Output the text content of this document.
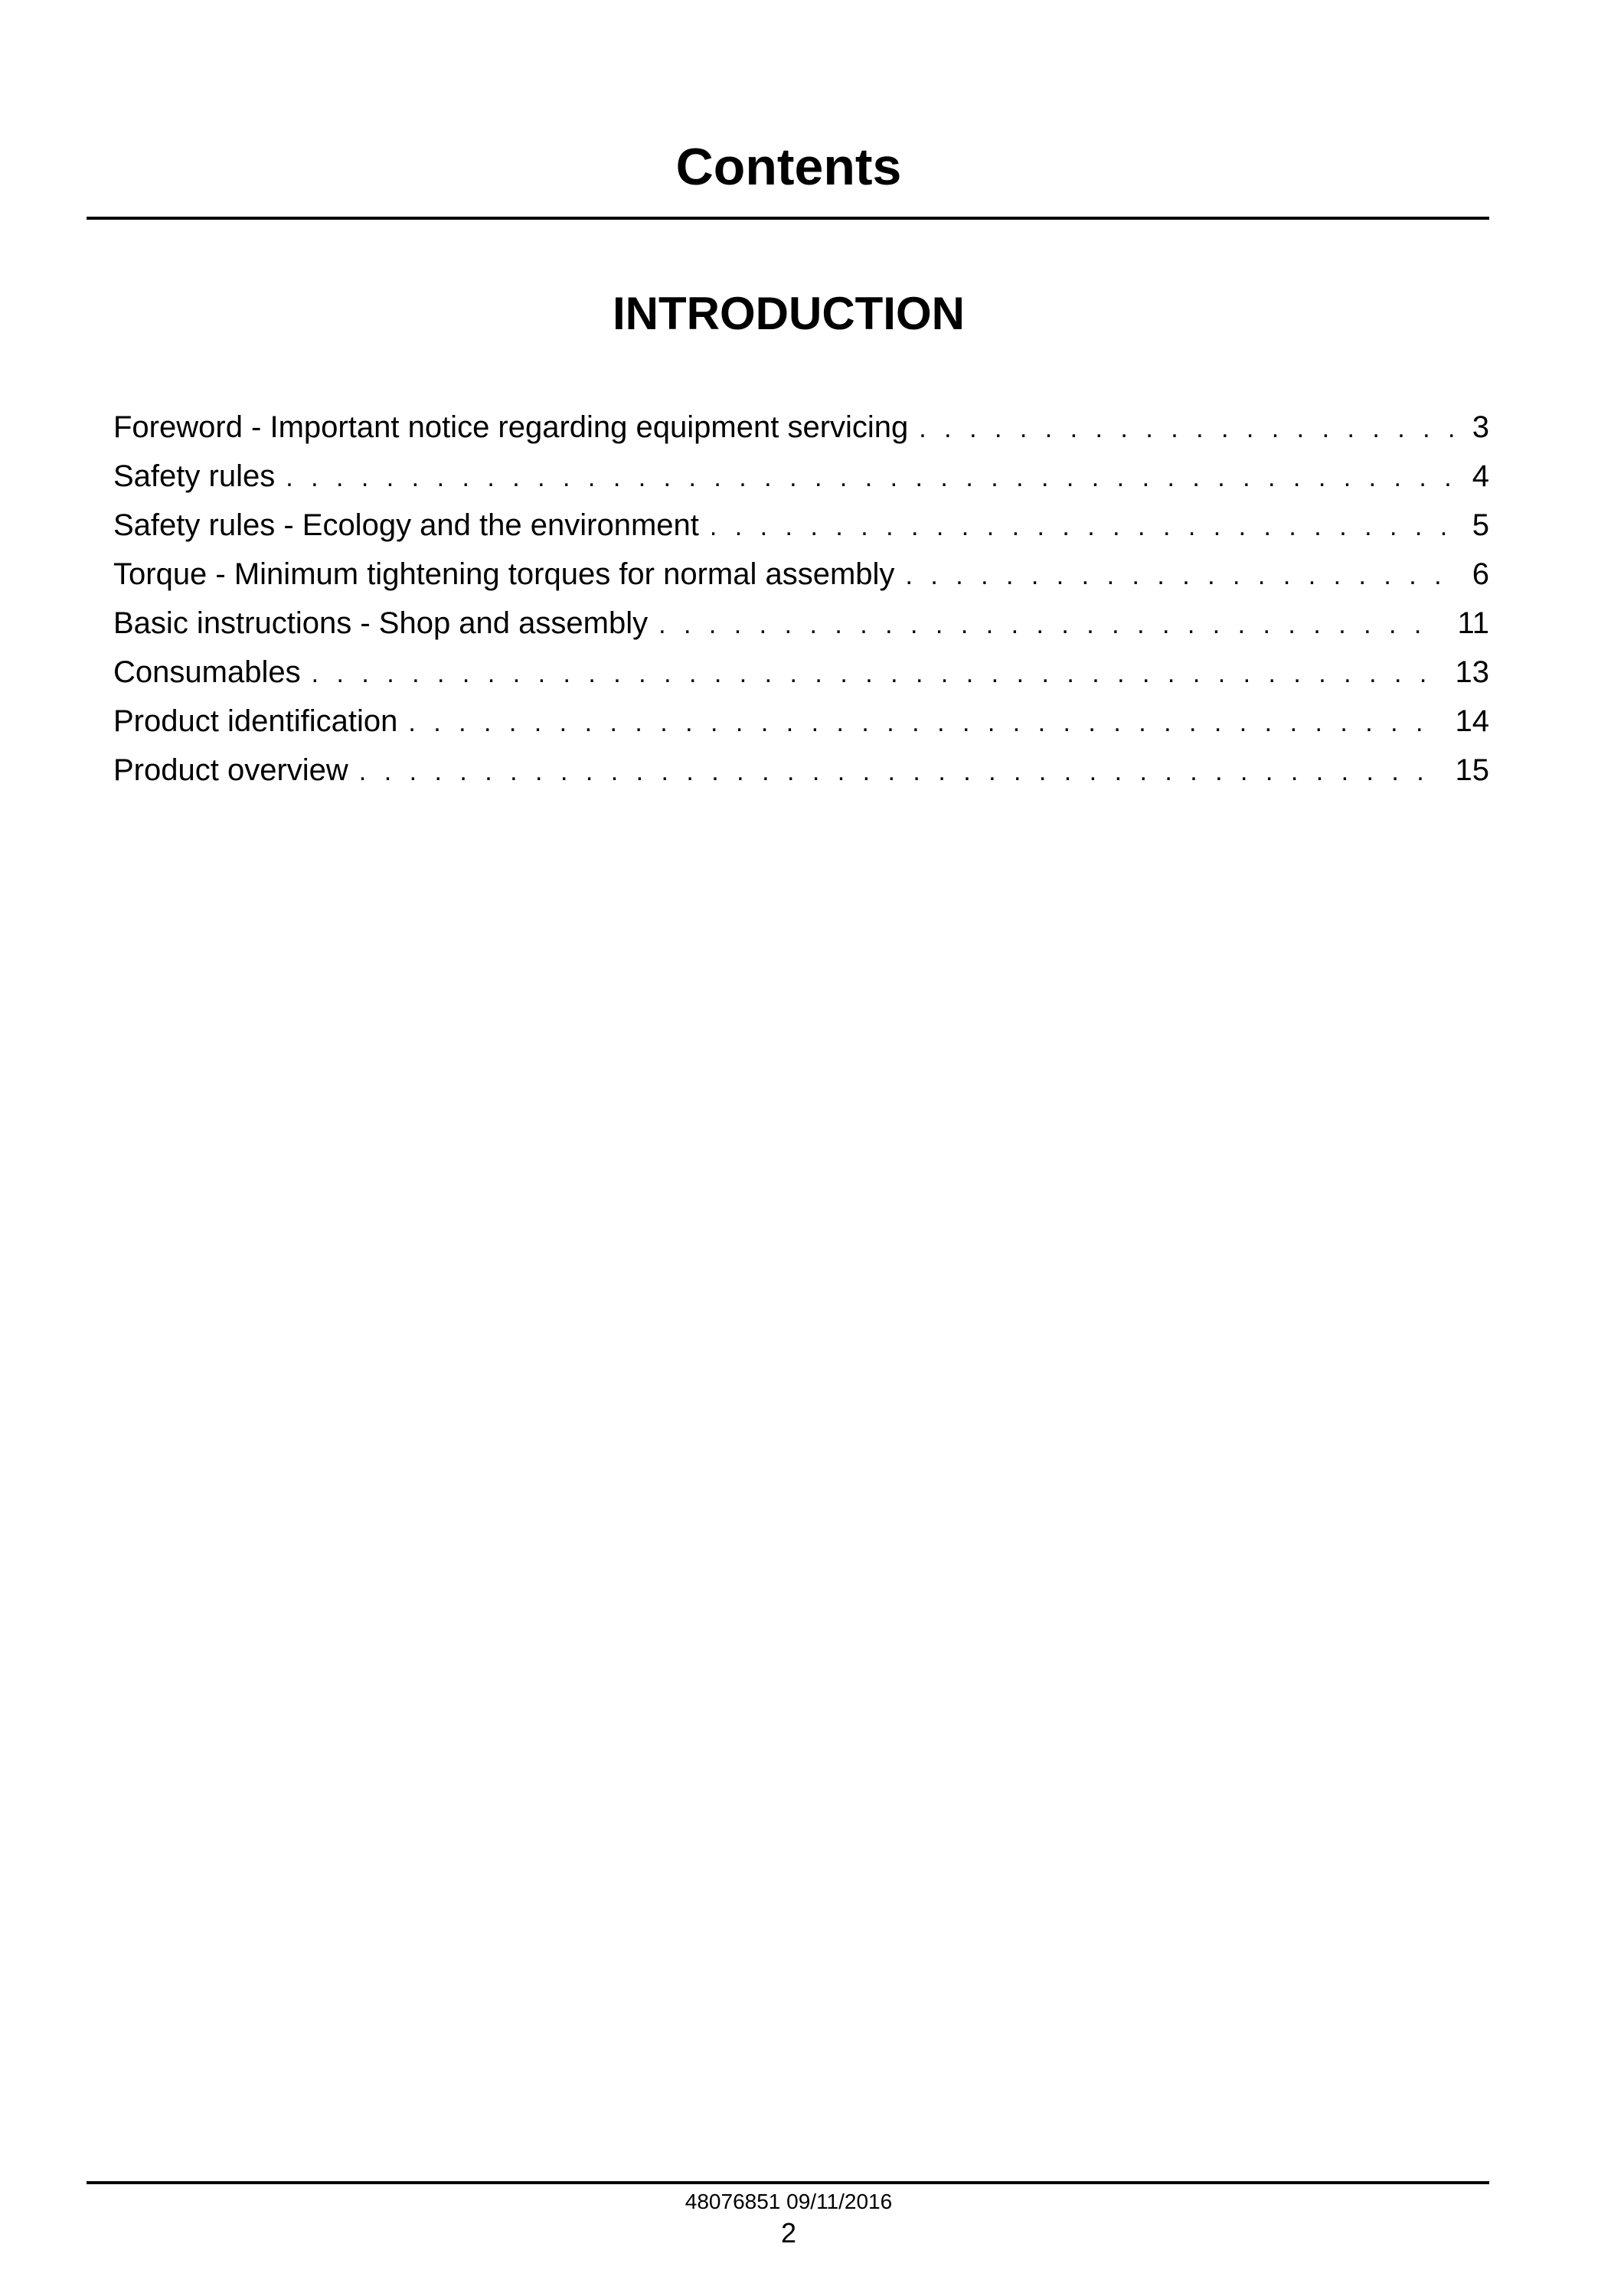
Contents
INTRODUCTION
Foreword - Important notice regarding equipment servicing . . .	3
Safety rules . . .	4
Safety rules - Ecology and the environment . . .	5
Torque - Minimum tightening torques for normal assembly . . .	6
Basic instructions - Shop and assembly . . .	11
Consumables . . .	13
Product identification . . .	14
Product overview . . .	15
48076851 09/11/2016
2
